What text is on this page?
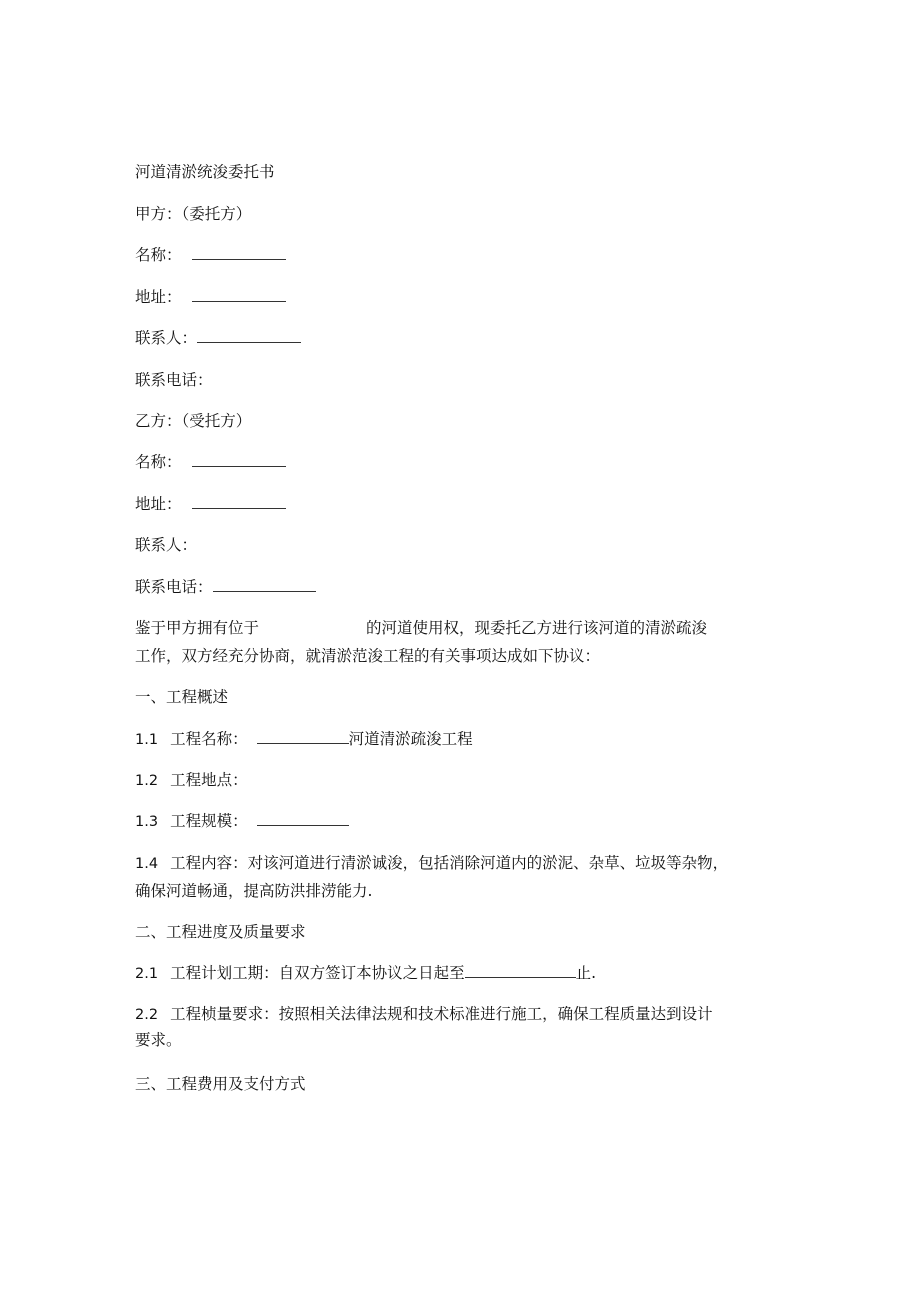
河道清淤统浚委托书

甲方：（委托方）

名称：

地址：

联系人：

联系电话：

乙方：（受托方）

名称：

地址：

联系人：

联系电话：

鉴于甲方拥有位于	的河道使用权，现委托乙方进行该河道的清淤疏浚

工作，双方经充分协商，就清淤范浚工程的有关事项达成如下协议：

一、工程概述

1.1 工程名称：	河道清淤疏浚工程

1.2 工程地点：

1.3 工程规模：

1.4 工程内容：对该河道进行清淤诚浚，包括消除河道内的淤泥、杂草、垃圾等杂物，

确保河道畅通，提高防洪排涝能力.

二、工程进度及质量要求

2.1 工程计划工期：自双方签订本协议之日起至	止.

2.2 工程桢量要求：按照相关法律法规和技术标准进行施工，确保工程质量达到设计

要求。

三、工程费用及支付方式
